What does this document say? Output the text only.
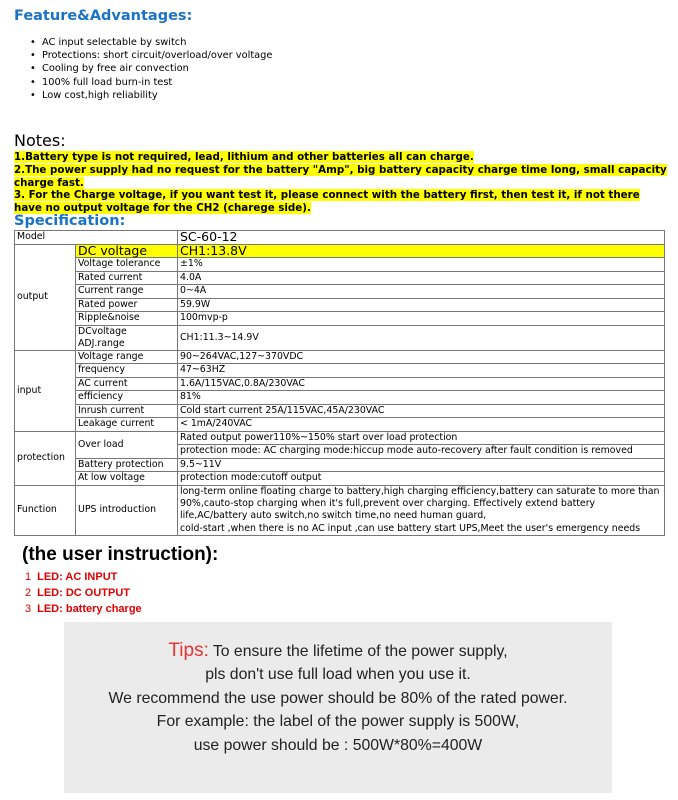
Feature&Advantages:
• AC input selectable by switch
• Protections: short circuit/overload/over voltage
• Cooling by free air convection
• 100% full load burn-in test
• Low cost,high reliability
Notes:
1.Battery type is not required, lead, lithium and other batteries all can charge.
2.The power supply had no request for the battery "Amp", big battery capacity charge time long, small capacity charge fast.
3. For the Charge voltage, if you want test it, please connect with the battery first, then test it, if not there have no output voltage for the CH2 (charege side).
Specification:
Model		SC-60-12
output	DC voltage	CH1:13.8V
	Voltage tolerance	±1%
	Rated current	4.0A
	Current range	0~4A
	Rated power	59.9W
	Ripple&noise	100mvp-p
	DCvoltage ADJ.range	CH1:11.3~14.9V
input	Voltage range	90~264VAC,127~370VDC
	frequency	47~63HZ
	AC current	1.6A/115VAC,0.8A/230VAC
	efficiency	81%
	Inrush current	Cold start current 25A/115VAC,45A/230VAC
	Leakage current	< 1mA/240VAC
protection	Over load	Rated output power110%~150% start over load protection
		protection mode: AC charging mode:hiccup mode auto-recovery after fault condition is removed
	Battery protection	9.5~11V
	At low voltage	protection mode:cutoff output
Function	UPS introduction	long-term online floating charge to battery,high charging efficiency,battery can saturate to more than 90%,cauto-stop charging when it's full,prevent over charging. Effectively extend battery life,AC/battery auto switch,no switch time,no need human guard,
cold-start ,when there is no AC input ,can use battery start UPS,Meet the user's emergency needs
(the user instruction):
1 LED: AC INPUT
2 LED: DC OUTPUT
3 LED: battery charge
Tips: To ensure the lifetime of the power supply,
pls don't use full load when you use it.
We recommend the use power should be 80% of the rated power.
For example: the label of the power supply is 500W,
use power should be : 500W*80%=400W
